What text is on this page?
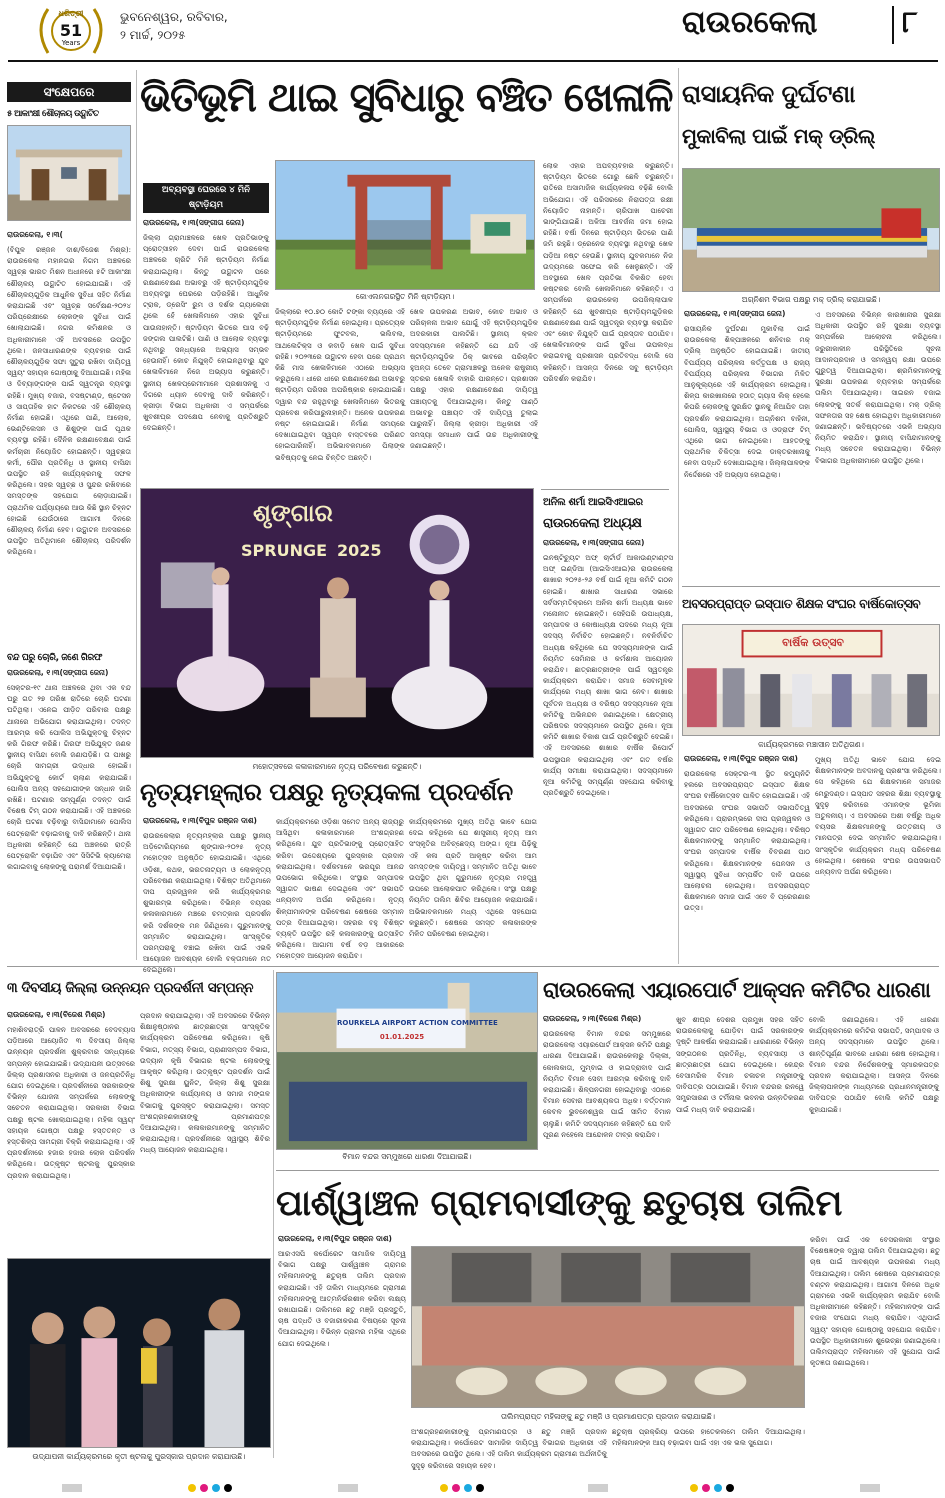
ଧରିତ୍ରୀ
51
Years
ଭୁବନେଶ୍ୱର, ରବିବାର,
୨ ମାର୍ଚ୍ଚ, ୨୦୨୫	ରାଉରକେଲା	୮
ସଂକ୍ଷେପରେ
୫ ଆକାଂକ୍ଷୀ ଶୌଚାଳୟ ଉଦ୍ଘାଟିତ
ରାଉରକେଲା, ୧।୩(
(ବିପୁଳ ରଞ୍ଜନ ଦାଶ/ବିଜେଶ ମିଶ୍ର): ରାଉରକେଲା ମହାନଗର ନିଗମ ଅଞ୍ଚଳରେ ସ୍ୱଚ୍ଛ ଭାରତ ମିଶନ ଅଧୀନରେ ୫ଟି ଆକାଂକ୍ଷୀ ଶୌଚାଳୟ ଉଦ୍ଘାଟିତ ହୋଇଯାଇଛି। ଏହି ଶୌଚାଳୟଗୁଡ଼ିକ ଆଧୁନିକ ସୁବିଧା ସହିତ ନିର୍ମାଣ କରାଯାଇଛି ଏବଂ ସ୍ୱଚ୍ଛ ସର୍ବେକ୍ଷଣ-୨୦୨୪ ପରିପ୍ରେକ୍ଷୀରେ ଲୋକଙ୍କ ସୁବିଧା ପାଇଁ ଖୋଲାଯାଇଛି। ନଗର କମିଶନର ଓ ଅଧିକାରୀମାନେ ଏହି ଅବସରରେ ଉପସ୍ଥିତ ଥିଲେ। ଜନସାଧାରଣଙ୍କ ବ୍ୟବହାର ପାଇଁ ଶୌଚାଳୟଗୁଡ଼ିକ ସଫା ସୁତୁରା ରଖିବା ଦାୟିତ୍ୱ ସ୍ୱୟଂ ସହାୟକ ଗୋଷ୍ଠୀକୁ ଦିଆଯାଇଛି। ମହିଳା ଓ ଦିବ୍ୟାଙ୍ଗଙ୍କ ପାଇଁ ସ୍ୱତନ୍ତ୍ର ବ୍ୟବସ୍ଥା ରହିଛି। ମୁଖ୍ୟ ବଜାର, ବସଷ୍ଟାଣ୍ଡ, ଷ୍ଟେସନ ଓ ସାପ୍ତାହିକ ହାଟ ନିକଟରେ ଏହି ଶୌଚାଳୟ ନିର୍ମାଣ ହୋଇଛି। ଏଥିରେ ପାଣି, ଆଲୋକ, ଭେଣ୍ଟିଲେସନ ଓ ଶିଶୁଙ୍କ ପାଇଁ ପୃଥକ ବ୍ୟବସ୍ଥା ରହିଛି। ଦୈନିକ ରକ୍ଷଣାବେକ୍ଷଣ ପାଇଁ କର୍ମଚାରୀ ନିୟୋଜିତ ହୋଇଛନ୍ତି। ସ୍ୱଚ୍ଛତା କର୍ମୀ, ପୌର ପ୍ରତିନିଧି ଓ ସ୍ଥାନୀୟ ବାସିନ୍ଦା ଉପସ୍ଥିତ ରହି କାର୍ଯ୍ୟକ୍ରମକୁ ସଫଳ କରିଥିଲେ। ସହର ସ୍ୱଚ୍ଛ ଓ ସୁନ୍ଦର ରଖିବାରେ ସମସ୍ତଙ୍କ ସହଯୋଗ ଲୋଡ଼ାଯାଇଛି। ପ୍ରାଥମିକ ପର୍ଯ୍ୟାୟରେ ଆଉ କିଛି ସ୍ଥାନ ଚିହ୍ନଟ ହୋଇଛି ଯେଉଁଠାରେ ଆଗାମୀ ଦିନରେ ଶୌଚାଳୟ ନିର୍ମାଣ ହେବ। ଉଦ୍ଘାଟନ ଅବସରରେ ଉପସ୍ଥିତ ଅତିଥିମାନେ ଶୌଚାଳୟ ପରିଦର୍ଶନ କରିଥିଲେ।
ବନ୍ଦ ଘରୁ ଚୋରି, ଜଣେ ଗିରଫ
ରାଉରକେଲା, ୧।୩(ସଙ୍ଗୀତା ଜେନା)
ସେକ୍ଟର-୧୯ ଥାନା ଅଞ୍ଚଳରେ ଥିବା ଏକ ବନ୍ଦ ଘରୁ ଗତ ୨୭ ତାରିଖ ରାତିରେ ଚୋରି ଘଟଣା ଘଟିଥିଲା। ଏନେଇ ପୀଡ଼ିତ ପରିବାର ପକ୍ଷରୁ ଥାନାରେ ଅଭିଯୋଗ କରାଯାଇଥିଲା। ତଦନ୍ତ ଆରମ୍ଭ କରି ପୋଲିସ ଅଭିଯୁକ୍ତକୁ ଚିହ୍ନଟ କରି ଗିରଫ କରିଛି। ଗିରଫ ଅଭିଯୁକ୍ତ ଜଣକ ସ୍ଥାନୀୟ ବାସିନ୍ଦା ବୋଲି ଜଣାପଡ଼ିଛି। ତା ପାଖରୁ ଚୋରି ସାମଗ୍ରୀ ଉଦ୍ଧାର ହୋଇଛି। ଅଭିଯୁକ୍ତକୁ କୋର୍ଟ ଚାଲାଣ କରାଯାଇଛି। ପୋଲିସ ଅନ୍ୟ ସହଯୋଗୀଙ୍କ ସନ୍ଧାନ ଜାରି ରଖିଛି। ଘଟଣାର ସମ୍ପୂର୍ଣ୍ଣ ତଦନ୍ତ ପାଇଁ ବିଶେଷ ଟିମ୍ ଗଠନ କରାଯାଇଛି। ଏହି ଅଞ୍ଚଳରେ ଚୋରି ଘଟଣା ବଢ଼ିବାରୁ ବାସିନ୍ଦାମାନେ ପୋଲିସ ପେଟ୍ରୋଲିଂ ବଢ଼ାଇବାକୁ ଦାବି କରିଛନ୍ତି। ଥାନା ଅଧିକାରୀ କହିଛନ୍ତି ଯେ ଅଞ୍ଚଳରେ ରାତ୍ରି ପେଟ୍ରୋଲିଂ ବଢ଼ାଯିବ ଏବଂ ସିସିଟିଭି କ୍ୟାମେରା ଲଗାଇବାକୁ ଲୋକଙ୍କୁ ପରାମର୍ଶ ଦିଆଯାଇଛି।
ଭିତିଭୂମି ଥାଇ ସୁବିଧାରୁ ବଞ୍ଚିତ ଖେଳାଳି
ଅବ୍ୟବସ୍ଥା ଘେରରେ ୪ ମିନି ଷ୍ଟାଡ଼ିୟମ
ରାଉରକେଲା, ୧।୩(ସଙ୍ଗୀତା ଜେନା)
ଜିଲ୍ଲା ଗ୍ରାମାଞ୍ଚଳରେ ଖେଳ ପ୍ରତିଭାଙ୍କୁ ପ୍ରୋତ୍ସାହନ ଦେବା ପାଇଁ ରାଉରକେଲା ଅଞ୍ଚଳରେ ଚାରିଟି ମିନି ଷ୍ଟାଡ଼ିୟମ ନିର୍ମାଣ କରାଯାଇଥିଲା। କିନ୍ତୁ ଉଦ୍ଘାଟନ ପରେ ରକ୍ଷଣାବେକ୍ଷଣ ଅଭାବରୁ ଏହି ଷ୍ଟାଡ଼ିୟମଗୁଡ଼ିକ ଅବ୍ୟବସ୍ଥା ଘେରରେ ପଡ଼ିରହିଛି। ଆଧୁନିକ ଟ୍ରାକ, ଡ୍ରେସିଂ ରୁମ ଓ ଦର୍ଶକ ଗ୍ୟାଲେରୀ ଥିଲେ ହେଁ ଖେଳାଳିମାନେ ଏହାର ସୁବିଧା ପାଉନାହାନ୍ତି। ଷ୍ଟାଡ଼ିୟମ ଭିତରେ ଘାସ ବଢ଼ି ଜଙ୍ଗଲ ପାଲଟିଛି। ପାଣି ଓ ଆଲୋକ ବ୍ୟବସ୍ଥା ନଥିବାରୁ ସନ୍ଧ୍ୟାରେ ଅଭ୍ୟାସ ସମ୍ଭବ ହେଉନାହିଁ। କୋଚ ନିଯୁକ୍ତି ହୋଇନଥିବାରୁ ଯୁବ ଖେଳାଳିମାନେ ନିଜେ ଅଭ୍ୟାସ କରୁଛନ୍ତି। ସ୍ଥାନୀୟ ଖେଳପ୍ରେମୀମାନେ ପ୍ରଶାସନକୁ ଏ ଦିଗରେ ଧ୍ୟାନ ଦେବାକୁ ଦାବି କରିଛନ୍ତି। କ୍ରୀଡ଼ା ବିଭାଗ ଅଧିକାରୀ ଏ ସମ୍ପର୍କରେ ଖୁବଶୀଘ୍ର ପଦକ୍ଷେପ ନେବାକୁ ପ୍ରତିଶ୍ରୁତି ଦେଇଛନ୍ତି।
କୋଏଲନଗରସ୍ଥିତ ମିନି ଷ୍ଟାଡ଼ିୟମ।
ଜିଲ୍ଲାରେ ୧୦.୭୦ କୋଟି ଟଙ୍କା ବ୍ୟୟରେ ଏହି ଷ୍ଟାଡ଼ିୟମଗୁଡ଼ିକ ନିର୍ମାଣ ହୋଇଥିଲା। ପ୍ରତ୍ୟେକ ଷ୍ଟାଡ଼ିୟମରେ ଫୁଟବଲ, ଭଲିବଲ, ଆଥଲେଟିକ୍ସ ଓ କବାଡ଼ି ଖେଳ ପାଇଁ ସୁବିଧା ରହିଛି। ୨୦୨୩ରେ ଉଦ୍ଘାଟନ ହେବା ପରେ ପ୍ରଥମ କିଛି ମାସ ଖେଳାଳିମାନେ ଏଠାରେ ଅଭ୍ୟାସ କରୁଥିଲେ। ଧୀରେ ଧୀରେ ରକ୍ଷଣାବେକ୍ଷଣ ଅଭାବରୁ ଷ୍ଟାଡ଼ିୟମ ପରିସର ଅପରିଷ୍କାର ହୋଇଯାଇଛି। ଦ୍ୱାର ବନ୍ଦ ରହୁଥିବାରୁ ଖେଳାଳିମାନେ ଭିତରକୁ ପ୍ରବେଶ କରିପାରୁନାହାନ୍ତି। ଅନେକ ଉପକରଣ ନଷ୍ଟ ହୋଇଯାଇଛି। ନିର୍ମାଣ ସମୟରେ ଦେଖାଯାଇଥିବା ସ୍ୱପ୍ନ ବାସ୍ତବରେ ପରିଣତ ହୋଇପାରିନାହିଁ। ଅଭିଭାବକମାନେ ପିଲାଙ୍କ ଭବିଷ୍ୟତକୁ ନେଇ ଚିନ୍ତିତ ଅଛନ୍ତି।
ଖେଳ ଉପକରଣ ଅଭାବ, କୋଚ ଅଭାବ ଓ ପରିଚାଳନା ଅଭାବ ଯୋଗୁଁ ଏହି ଷ୍ଟାଡ଼ିୟମଗୁଡ଼ିକ ଅଦରକାରୀ ପାଲଟିଛି। ସ୍ଥାନୀୟ କ୍ଲବ ସଦସ୍ୟମାନେ କହିଛନ୍ତି ଯେ ଯଦି ଏହି ଷ୍ଟାଡ଼ିୟମଗୁଡ଼ିକ ଠିକ୍ ଭାବରେ ପରିଚାଳିତ ହୁଅନ୍ତା ତେବେ ଗ୍ରାମାଞ୍ଚଳରୁ ଅନେକ ରାଷ୍ଟ୍ରୀୟ ସ୍ତରର ଖେଳାଳି ବାହାରି ପାରନ୍ତେ। ପ୍ରଶାସନ ପକ୍ଷରୁ ଏହାର ରକ୍ଷଣାବେକ୍ଷଣ ଦାୟିତ୍ୱ ପଞ୍ଚାୟତକୁ ଦିଆଯାଇଥିଲା। କିନ୍ତୁ ପାଣ୍ଠି ଅଭାବରୁ ପଞ୍ଚାୟତ ଏହି ଦାୟିତ୍ୱ ତୁଲାଇ ପାରୁନାହିଁ। ଜିଲ୍ଲା କ୍ରୀଡ଼ା ଅଧିକାରୀ ଏହି ସମସ୍ୟା ସମାଧାନ ପାଇଁ ଉଚ୍ଚ ଅଧିକାରୀଙ୍କୁ ଜଣାଇଛନ୍ତି।
ଲୋକ ଏହାର ଅପବ୍ୟବହାର କରୁଛନ୍ତି। ଷ୍ଟାଡ଼ିୟମ ଭିତରେ ଗୋରୁ ଛେଳି ଚରୁଛନ୍ତି। ରାତିରେ ଅସାମାଜିକ କାର୍ଯ୍ୟକଳାପ ବଢ଼ିଛି ବୋଲି ଅଭିଯୋଗ। ଏହି ପରିସରରେ ନିରାପତ୍ତା ରକ୍ଷୀ ନିୟୋଜିତ ନାହାନ୍ତି। ଚାରିପାଖ ପାଚେରୀ ଭାଙ୍ଗିଯାଇଛି। ଅଳିଆ ଆବର୍ଜନା ଜମା ହୋଇ ରହିଛି। ବର୍ଷା ଦିନରେ ଷ୍ଟାଡ଼ିୟମ ଭିତରେ ପାଣି ଜମି ରହୁଛି। ଡ୍ରେନେଜ ବ୍ୟବସ୍ଥା ନଥିବାରୁ ଖେଳ ପଡ଼ିଆ ନଷ୍ଟ ହେଉଛି। ସ୍ଥାନୀୟ ଯୁବକମାନେ ନିଜ ଉଦ୍ୟମରେ ସଫେଇ କରି ଖେଳୁଛନ୍ତି। ଏହି ଅବସ୍ଥାରେ ଖେଳ ପ୍ରତିଭା ବିକଶିତ ହେବା କଷ୍ଟକର ବୋଲି ଖେଳାଳିମାନେ କହିଛନ୍ତି। ଏ ସମ୍ପର୍କରେ ରାଉରକେଲା ଉପଜିଲ୍ଲାପାଳ କହିଛନ୍ତି ଯେ ଖୁବଶୀଘ୍ର ଷ୍ଟାଡ଼ିୟମଗୁଡ଼ିକର ରକ୍ଷଣାବେକ୍ଷଣ ପାଇଁ ସ୍ୱତନ୍ତ୍ର ବ୍ୟବସ୍ଥା କରାଯିବ ଏବଂ କୋଚ ନିଯୁକ୍ତି ପାଇଁ ପ୍ରସ୍ତାବ ପଠାଯିବ। ଖେଳାଳିମାନଙ୍କ ପାଇଁ ସୁବିଧା ଉପଲବ୍ଧ କରାଇବାକୁ ପ୍ରଶାସନ ପ୍ରତିବଦ୍ଧ ବୋଲି ସେ କହିଛନ୍ତି। ଆସନ୍ତା ଦିନରେ ସବୁ ଷ୍ଟାଡ଼ିୟମ ପରିଦର୍ଶନ କରାଯିବ।
ଶୃଙ୍ଗାର
SPRUNGE 2025
ମହୋତ୍ସବରେ କଳାକାରମାନେ ନୃତ୍ୟ ପରିବେଷଣ କରୁଛନ୍ତି।
ନୃତ୍ୟମହ୍ଲାର ପକ୍ଷରୁ ନୃତ୍ୟକଳା ପ୍ରଦର୍ଶନ
ରାଉରକେଲା, ୧।୩(ବିପୁଳ ରଞ୍ଜନ ଦାଶ)
ରାଉରକେଲାର ନୃତ୍ୟମହ୍ଲାର ପକ୍ଷରୁ ସ୍ଥାନୀୟ ଅଡ଼ିଟୋରିୟମରେ ଶୃଙ୍ଗାର-୨୦୨୫ ନୃତ୍ୟ ମହୋତ୍ସବ ଅନୁଷ୍ଠିତ ହୋଇଯାଇଛି। ଏଥିରେ ଓଡ଼ିଶୀ, କଥକ, ଭରତନାଟ୍ୟମ ଓ ଲୋକନୃତ୍ୟ ପରିବେଷଣ କରାଯାଇଥିଲା। ବିଶିଷ୍ଟ ଅତିଥିମାନେ ଦୀପ ପ୍ରଜ୍ୱଳନ କରି କାର୍ଯ୍ୟକ୍ରମର ଶୁଭାରମ୍ଭ କରିଥିଲେ। ବିଭିନ୍ନ ବୟସର କଳାକାରମାନେ ମଞ୍ଚରେ ଚମତ୍କାର ପ୍ରଦର୍ଶନ କରି ଦର୍ଶକଙ୍କ ମନ ଜିଣିଥିଲେ। ଗୁରୁମାନଙ୍କୁ ସମ୍ମାନିତ କରାଯାଇଥିଲା। ସାଂସ୍କୃତିକ ପରମ୍ପରାକୁ ବଞ୍ଚାଇ ରଖିବା ପାଇଁ ଏଭଳି ଆୟୋଜନ ଆବଶ୍ୟକ ବୋଲି ବକ୍ତାମାନେ ମତ ଦେଇଥିଲେ।
କାର୍ଯ୍ୟକ୍ରମରେ ଓଡ଼ିଶା ସମେତ ଅନ୍ୟ ରାଜ୍ୟରୁ ଆସିଥିବା କଳାକାରମାନେ ଅଂଶଗ୍ରହଣ କରିଥିଲେ। ଯୁବ ପ୍ରତିଭାଙ୍କୁ ପ୍ରୋତ୍ସାହିତ କରିବା ଉଦ୍ଦେଶ୍ୟରେ ପୁରସ୍କାର ପ୍ରଦାନ କରାଯାଇଥିଲା। ଦର୍ଶକମାନେ ଭରପୂର ଆନନ୍ଦ ଉପଭୋଗ କରିଥିଲେ। ସଂସ୍ଥାର ସମ୍ପାଦକ ସ୍ୱାଗତ ଭାଷଣ ଦେଇଥିଲେ ଏବଂ ସଭାପତି ଧନ୍ୟବାଦ ଅର୍ପଣ କରିଥିଲେ। ନୃତ୍ୟ ଶିଳ୍ପୀମାନଙ୍କ ପରିବେଷଣ ଶେଷରେ ସମ୍ମାନ ପତ୍ର ଦିଆଯାଇଥିଲା। ସହରର ବହୁ ବିଶିଷ୍ଟ ବ୍ୟକ୍ତି ଉପସ୍ଥିତ ରହି କଳାକାରଙ୍କୁ ଉତ୍ସାହିତ କରିଥିଲେ। ଆଗାମୀ ବର୍ଷ ବଡ଼ ଆକାରରେ ମହୋତ୍ସବ ଆୟୋଜନ କରାଯିବ।
କାର୍ଯ୍ୟକ୍ରମରେ ମୁଖ୍ୟ ଅତିଥି ଭାବେ ଯୋଗ ଦେଇ କହିଥିଲେ ଯେ ଶାସ୍ତ୍ରୀୟ ନୃତ୍ୟ ଆମ ସଂସ୍କୃତିର ଅବିଚ୍ଛେଦ୍ୟ ଅଙ୍ଗ। ନୂଆ ପିଢ଼ିକୁ ଏହି କଳା ପ୍ରତି ଆକୃଷ୍ଟ କରିବା ଆମ ସମସ୍ତଙ୍କ ଦାୟିତ୍ୱ। ସମ୍ମାନିତ ଅତିଥି ଭାବେ ଉପସ୍ଥିତ ଥିବା ଗୁରୁମାନେ ନୃତ୍ୟର ମହତ୍ତ୍ୱ ଉପରେ ଆଲୋକପାତ କରିଥିଲେ। ସଂସ୍ଥା ପକ୍ଷରୁ ନିୟମିତ ତାଲିମ ଶିବିର ଆୟୋଜନ କରାଯାଉଛି। ଅଭିଭାବକମାନେ ମଧ୍ୟ ଏଥିରେ ସହଯୋଗ କରୁଛନ୍ତି। ଶେଷରେ ସମସ୍ତ କଳାକାରଙ୍କ ମିଳିତ ପରିବେଷଣ ହୋଇଥିଲା।
ଅନିଲ ଶର୍ମା ଆଇସିଏଆଇର
ରାଉରକେଲା ଅଧ୍ୟକ୍ଷ
ରାଉରକେଲା, ୧।୩(ସଙ୍ଗୀତା ଜେନା)
ଇନଷ୍ଟିଚ୍ୟୁଟ ଅଫ୍ ଚାର୍ଟାର୍ଡ ଆକାଉଣ୍ଟାଣ୍ଟସ ଅଫ୍ ଇଣ୍ଡିଆ (ଆଇସିଏଆଇ)ର ରାଉରକେଲା ଶାଖାର ୨୦୨୫-୨୬ ବର୍ଷ ପାଇଁ ନୂଆ କମିଟି ଗଠନ ହୋଇଛି। ଶାଖାର ସାଧାରଣ ସଭାରେ ସର୍ବସମ୍ମତିକ୍ରମେ ଅନିଲ ଶର୍ମା ଅଧ୍ୟକ୍ଷ ଭାବେ ମନୋନୀତ ହୋଇଛନ୍ତି। ସେହିପରି ଉପାଧ୍ୟକ୍ଷ, ସମ୍ପାଦକ ଓ କୋଷାଧ୍ୟକ୍ଷ ପଦରେ ମଧ୍ୟ ନୂଆ ସଦସ୍ୟ ନିର୍ବାଚିତ ହୋଇଛନ୍ତି। ନବନିର୍ବାଚିତ ଅଧ୍ୟକ୍ଷ କହିଥିଲେ ଯେ ସଦସ୍ୟମାନଙ୍କ ପାଇଁ ନିୟମିତ ସେମିନାର ଓ କର୍ମଶାଳା ଆୟୋଜନ କରାଯିବ। ଛାତ୍ରଛାତ୍ରୀଙ୍କ ପାଇଁ ସ୍ୱତନ୍ତ୍ର କାର୍ଯ୍ୟକ୍ରମ କରାଯିବ। ସମାଜ ସେବାମୂଳକ କାର୍ଯ୍ୟରେ ମଧ୍ୟ ଶାଖା ଭାଗ ନେବ। ଶାଖାର ପୂର୍ବତନ ଅଧ୍ୟକ୍ଷ ଓ ବରିଷ୍ଠ ସଦସ୍ୟମାନେ ନୂଆ କମିଟିକୁ ଅଭିନନ୍ଦନ ଜଣାଇଥିଲେ। କ୍ଷେତ୍ରୀୟ ପରିଷଦର ସଦସ୍ୟମାନେ ଉପସ୍ଥିତ ଥିଲେ। ନୂଆ କମିଟି ଶାଖାର ବିକାଶ ପାଇଁ ପ୍ରତିଶ୍ରୁତି ଦେଇଛି। ଏହି ଅବସରରେ ଶାଖାର ବାର୍ଷିକ ରିପୋର୍ଟ ଉପସ୍ଥାପନ କରାଯାଇଥିଲା ଏବଂ ଗତ ବର୍ଷର କାର୍ଯ୍ୟ ସମୀକ୍ଷା କରାଯାଇଥିଲା। ସଦସ୍ୟମାନେ ନୂଆ କମିଟିକୁ ସମ୍ପୂର୍ଣ୍ଣ ସହଯୋଗ କରିବାକୁ ପ୍ରତିଶ୍ରୁତି ଦେଇଥିଲେ।
ରାସାୟନିକ ଦୁର୍ଘଟଣା
ମୁକାବିଲା ପାଇଁ ମକ୍ ଡ୍ରିଲ୍
ଅଗ୍ନିଶମ ବିଭାଗ ପକ୍ଷରୁ ମକ୍ ଡ୍ରିଲ୍ କରାଯାଇଛି।
ରାଉରକେଲା, ୧।୩(ସଙ୍ଗୀତା ଜେନା)
ରାସାୟନିକ ଦୁର୍ଘଟଣା ମୁକାବିଲା ପାଇଁ ରାଉରକେଲା ଶିଳ୍ପାଞ୍ଚଳରେ ଶନିବାର ମକ୍ ଡ୍ରିଲ୍ ଅନୁଷ୍ଠିତ ହୋଇଯାଇଛି। ଜାତୀୟ ବିପର୍ଯ୍ୟୟ ପରିଚାଳନା କର୍ତ୍ତୃପକ୍ଷ ଓ ରାଜ୍ୟ ବିପର୍ଯ୍ୟୟ ପରିଚାଳନା ବିଭାଗର ମିଳିତ ଆନୁକୂଲ୍ୟରେ ଏହି କାର୍ଯ୍ୟକ୍ରମ ହୋଇଥିଲା। ଶିଳ୍ପ କାରଖାନାରେ ହଠାତ୍ ଗ୍ୟାସ ଲିକ୍ ହେଲେ କିପରି ଲୋକଙ୍କୁ ସୁରକ୍ଷିତ ସ୍ଥାନକୁ ନିଆଯିବ ତାହା ପ୍ରଦର୍ଶନ କରାଯାଇଥିଲା। ଅଗ୍ନିଶମ ବାହିନୀ, ପୋଲିସ, ସ୍ୱାସ୍ଥ୍ୟ ବିଭାଗ ଓ ଓଡ୍ରାଫ ଟିମ୍ ଏଥିରେ ଭାଗ ନେଇଥିଲେ। ଆହତଙ୍କୁ ପ୍ରାଥମିକ ଚିକିତ୍ସା ଦେଇ ଡାକ୍ତରଖାନାକୁ ନେବା ପଦ୍ଧତି ଦେଖାଯାଇଥିଲା। ଜିଲ୍ଲାପାଳଙ୍କ ନିର୍ଦ୍ଦେଶରେ ଏହି ଅଭ୍ୟାସ ହୋଇଥିଲା।
ଏ ଅବସରରେ ବିଭିନ୍ନ କାରଖାନାର ସୁରକ୍ଷା ଅଧିକାରୀ ଉପସ୍ଥିତ ରହି ସୁରକ୍ଷା ବ୍ୟବସ୍ଥା ସମ୍ପର୍କରେ ଆଲୋଚନା କରିଥିଲେ। ଜରୁରୀକାଳୀନ ପରିସ୍ଥିତିରେ ସୂଚନା ଆଦାନପ୍ରଦାନ ଓ ସମନ୍ୱୟ ରକ୍ଷା ଉପରେ ଗୁରୁତ୍ୱ ଦିଆଯାଇଥିଲା। ଶ୍ରମିକମାନଙ୍କୁ ସୁରକ୍ଷା ଉପକରଣ ବ୍ୟବହାର ସମ୍ପର୍କରେ ତାଲିମ ଦିଆଯାଇଥିଲା। ସାଇରନ ବଜାଇ ଲୋକଙ୍କୁ ସତର୍କ କରାଯାଇଥିଲା। ମକ୍ ଡ୍ରିଲ୍ ସଫଳତାର ସହ ଶେଷ ହୋଇଥିବା ଅଧିକାରୀମାନେ ଜଣାଇଛନ୍ତି। ଭବିଷ୍ୟତରେ ଏଭଳି ଅଭ୍ୟାସ ନିୟମିତ କରାଯିବ। ସ୍ଥାନୀୟ ବାସିନ୍ଦାମାନଙ୍କୁ ମଧ୍ୟ ସଚେତନ କରାଯାଇଥିଲା। ବିଭିନ୍ନ ବିଭାଗର ଅଧିକାରୀମାନେ ଉପସ୍ଥିତ ଥିଲେ।
ଅବସରପ୍ରାପ୍ତ ଇସ୍ପାତ ଶିକ୍ଷକ ସଂଘର ବାର୍ଷିକୋତ୍ସବ
ବାର୍ଷିକ ଉତ୍ସବ
କାର୍ଯ୍ୟକ୍ରମରେ ମଞ୍ଚାସୀନ ଅତିଥିଗଣ।
ରାଉରକେଲା, ୧।୩(ବିପୁଳ ରଞ୍ଜନ ଦାଶ)
ରାଉରକେଲା ସେକ୍ଟର-୩ ସ୍ଥିତ କମ୍ୟୁନିଟି ହଲରେ ଅବସରପ୍ରାପ୍ତ ଇସ୍ପାତ ଶିକ୍ଷକ ସଂଘର ବାର୍ଷିକୋତ୍ସବ ପାଳିତ ହୋଇଯାଇଛି। ଏହି ଅବସରରେ ସଂଘର ସଭାପତି ସଭାପତିତ୍ୱ କରିଥିଲେ। ପ୍ରାରମ୍ଭରେ ଦୀପ ପ୍ରଜ୍ୱଳନ ଓ ସ୍ୱାଗତ ଗୀତ ପରିବେଷଣ ହୋଇଥିଲା। ବରିଷ୍ଠ ଶିକ୍ଷକମାନଙ୍କୁ ସମ୍ମାନିତ କରାଯାଇଥିଲା। ସଂଘର ସମ୍ପାଦକ ବାର୍ଷିକ ବିବରଣୀ ପାଠ କରିଥିଲେ। ଶିକ୍ଷକମାନଙ୍କ ପେନସନ ଓ ସ୍ୱାସ୍ଥ୍ୟ ସୁବିଧା ସମ୍ପର୍କିତ ଦାବି ଉପରେ ଆଲୋଚନା ହୋଇଥିଲା। ଅବସରପ୍ରାପ୍ତ ଶିକ୍ଷକମାନେ ସମାଜ ପାଇଁ ଏବେ ବି ପ୍ରେରଣାର ଉତ୍ସ।
ମୁଖ୍ୟ ଅତିଥି ଭାବେ ଯୋଗ ଦେଇ ଶିକ୍ଷକମାନଙ୍କ ଅବଦାନକୁ ପ୍ରଶଂସା କରିଥିଲେ। ସେ କହିଥିଲେ ଯେ ଶିକ୍ଷକମାନେ ସମାଜର ମେରୁଦଣ୍ଡ। ଇସ୍ପାତ ସହରର ଶିକ୍ଷା ବ୍ୟବସ୍ଥାକୁ ସୁଦୃଢ଼ କରିବାରେ ଏମାନଙ୍କ ଭୂମିକା ଅତୁଳନୀୟ। ଏ ଅବସରରେ ଅଶୀ ବର୍ଷରୁ ଅଧିକ ବୟସର ଶିକ୍ଷକମାନଙ୍କୁ ଉତ୍ତରୀୟ ଓ ମାନପତ୍ର ଦେଇ ସମ୍ମାନିତ କରାଯାଇଥିଲା। ସାଂସ୍କୃତିକ କାର୍ଯ୍ୟକ୍ରମ ମଧ୍ୟ ପରିବେଷଣ ହୋଇଥିଲା। ଶେଷରେ ସଂଘର ଉପସଭାପତି ଧନ୍ୟବାଦ ଅର୍ପଣ କରିଥିଲେ।
୩ ଦିବସୀୟ ଜିଲ୍ଲା ଉନ୍ନୟନ ପ୍ରଦର୍ଶନୀ ସମ୍ପନ୍ନ
ରାଉରକେଲା, ୧।୩(ବିଜେଶ ମିଶ୍ର)
ମହାଶିବରାତ୍ରି ପାଳନ ଅବସରରେ ବେଦବ୍ୟାସ ପଡ଼ିଆରେ ଆୟୋଜିତ ୩ ଦିବସୀୟ ଜିଲ୍ଲା ଉନ୍ନୟନ ପ୍ରଦର୍ଶନୀ ଶୁକ୍ରବାର ସନ୍ଧ୍ୟାରେ ସମ୍ପନ୍ନ ହୋଇଯାଇଛି। ଉଦ୍ଯାପନୀ ଉତ୍ସବରେ ଜିଲ୍ଲା ପ୍ରଶାସନର ଅଧିକାରୀ ଓ ଜନପ୍ରତିନିଧି ଯୋଗ ଦେଇଥିଲେ। ପ୍ରଦର୍ଶନୀରେ ସରକାରଙ୍କ ବିଭିନ୍ନ ଯୋଜନା ସମ୍ପର୍କରେ ଲୋକଙ୍କୁ ସଚେତନ କରାଯାଇଥିଲା। ସରକାରୀ ବିଭାଗ ପକ୍ଷରୁ ଷ୍ଟଲ ଖୋଲାଯାଇଥିଲା। ମହିଳା ସ୍ୱୟଂ ସହାୟକ ଗୋଷ୍ଠୀ ପକ୍ଷରୁ ହସ୍ତତନ୍ତ ଓ ହସ୍ତଶିଳ୍ପ ସାମଗ୍ରୀ ବିକ୍ରି କରାଯାଇଥିଲା। ଏହି ପ୍ରଦର୍ଶନୀରେ ହଜାର ହଜାର ଲୋକ ପରିଦର୍ଶନ କରିଥିଲେ। ଉତ୍କୃଷ୍ଟ ଷ୍ଟଲକୁ ପୁରସ୍କାର ପ୍ରଦାନ କରାଯାଇଥିଲା।
ପ୍ରଦାନ କରାଯାଇଥିଲା। ଏହି ଅବସରରେ ବିଭିନ୍ନ ଶିକ୍ଷାନୁଷ୍ଠାନର ଛାତ୍ରଛାତ୍ରୀ ସାଂସ୍କୃତିକ କାର୍ଯ୍ୟକ୍ରମ ପରିବେଷଣ କରିଥିଲେ। କୃଷି ବିଭାଗ, ମତ୍ସ୍ୟ ବିଭାଗ, ପ୍ରାଣୀସମ୍ପଦ ବିଭାଗ, ଉଦ୍ୟାନ କୃଷି ବିଭାଗର ଷ୍ଟଲ ଲୋକଙ୍କୁ ଆକୃଷ୍ଟ କରିଥିଲା। ଉତ୍କୃଷ୍ଟ ପ୍ରଦର୍ଶନ ପାଇଁ ଶିଶୁ ସୁରକ୍ଷା ୟୁନିଟ, ଜିଲ୍ଲା ଶିଶୁ ସୁରକ୍ଷା ଅଧିକାରୀଙ୍କ କାର୍ଯ୍ୟାଳୟ ଓ ସମାଜ ମଙ୍ଗଳ ବିଭାଗକୁ ପୁରସ୍କୃତ କରାଯାଇଥିଲା। ସମସ୍ତ ଅଂଶଗ୍ରହଣକାରୀଙ୍କୁ ପ୍ରମାଣପତ୍ର ଦିଆଯାଇଥିଲା। କଳାକାରମାନଙ୍କୁ ସମ୍ମାନିତ କରାଯାଇଥିଲା। ପ୍ରଦର୍ଶନୀରେ ସ୍ୱାସ୍ଥ୍ୟ ଶିବିର ମଧ୍ୟ ଆୟୋଜନ କରାଯାଇଥିଲା।
ଉଦ୍ଯାପନୀ କାର୍ଯ୍ୟକ୍ରମରେ କୃତୀ ଷ୍ଟଲକୁ ପୁରସ୍କାର ପ୍ରଦାନ କରାଯାଉଛି।
ROURKELA AIRPORT ACTION COMMITTEE
01.01.2025
ବିମାନ ବନ୍ଦର ସମ୍ମୁଖରେ ଧାରଣା ଦିଆଯାଇଛି।
ରାଉରକେଲା ଏୟାରପୋର୍ଟ ଆକ୍ସନ କମିଟିର ଧାରଣା
ରାଉରକେଲା, ୨।୩(ବିଜେଶ ମିଶ୍ର)
ରାଉରକେଲା ବିମାନ ବନ୍ଦର ସମ୍ମୁଖରେ ରାଉରକେଲା ଏୟାରପୋର୍ଟ ଆକ୍ସନ କମିଟି ପକ୍ଷରୁ ଧାରଣା ଦିଆଯାଇଛି। ରାଉରକେଲାରୁ ଦିଲ୍ଲୀ, କୋଲକାତା, ମୁମ୍ବାଇ ଓ ହାଇଦ୍ରାବାଦ ପାଇଁ ନିୟମିତ ବିମାନ ସେବା ଆରମ୍ଭ କରିବାକୁ ଦାବି କରାଯାଇଛି। ଶିଳ୍ପନଗରୀ ହୋଇଥିବାରୁ ଏଠାରେ ବିମାନ ସେବାର ଆବଶ୍ୟକତା ଅଧିକ। ବର୍ତ୍ତମାନ କେବଳ ଭୁବନେଶ୍ୱର ପାଇଁ ସୀମିତ ବିମାନ ଚାଲୁଛି। କମିଟି ସଦସ୍ୟମାନେ କହିଛନ୍ତି ଯେ ଦାବି ପୂରଣ ନହେଲେ ଆନ୍ଦୋଳନ ତୀବ୍ର କରାଯିବ।
ଖୁବ ଶୀଘ୍ର ଦେଶର ପ୍ରମୁଖ ସହର ସହିତ ରାଉରକେଲାକୁ ଯୋଡ଼ିବା ପାଇଁ ସରକାରଙ୍କ ଦୃଷ୍ଟି ଆକର୍ଷଣ କରାଯାଇଛି। ଧାରଣାରେ ବିଭିନ୍ନ ସଙ୍ଗଠନର ପ୍ରତିନିଧି, ବ୍ୟବସାୟୀ ଓ ଛାତ୍ରଛାତ୍ରୀ ଯୋଗ ଦେଇଥିଲେ। କେନ୍ଦ୍ର ବେସାମରିକ ବିମାନ ଚଳାଚଳ ମନ୍ତ୍ରୀଙ୍କୁ ଦାବିପତ୍ର ପଠାଯାଇଛି। ବିମାନ ବନ୍ଦରର ରନୱେ ସମ୍ପ୍ରସାରଣ ଓ ଟର୍ମିନାଲ ଭବନର ଉନ୍ନତିକରଣ ପାଇଁ ମଧ୍ୟ ଦାବି କରାଯାଇଛି।
ବୋଲି ଜଣାଇଥିଲେ। ଏହି ଧାରଣା କାର୍ଯ୍ୟକ୍ରମରେ କମିଟିର ସଭାପତି, ସମ୍ପାଦକ ଓ ଅନ୍ୟ ସଦସ୍ୟମାନେ ଉପସ୍ଥିତ ଥିଲେ। ଶାନ୍ତିପୂର୍ଣ୍ଣ ଭାବରେ ଧାରଣା ଶେଷ ହୋଇଥିଲା। ବିମାନ ବନ୍ଦର ନିର୍ଦ୍ଦେଶକଙ୍କୁ ସ୍ମାରକପତ୍ର ପ୍ରଦାନ କରାଯାଇଥିଲା। ଆସନ୍ତା ଦିନରେ ଜିଲ୍ଲାପାଳଙ୍କ ମାଧ୍ୟମରେ ପ୍ରଧାନମନ୍ତ୍ରୀଙ୍କୁ ଦାବିପତ୍ର ପଠାଯିବ ବୋଲି କମିଟି ପକ୍ଷରୁ କୁହାଯାଇଛି।
ପାର୍ଶ୍ୱାଞ୍ଚଳ ଗ୍ରାମବାସୀଙ୍କୁ ଛତୁଚାଷ ତାଲିମ
ରାଉରକେଲା, ୧।୩(ବିପୁଳ ରଞ୍ଜନ ଦାଶ)
ଆରଏସପି କର୍ପୋରେଟ ସାମାଜିକ ଦାୟିତ୍ୱ ବିଭାଗ ପକ୍ଷରୁ ପାର୍ଶ୍ୱାଞ୍ଚଳ ଗ୍ରାମର ମହିଳାମାନଙ୍କୁ ଛତୁଚାଷ ତାଲିମ ପ୍ରଦାନ କରାଯାଇଛି। ଏହି ତାଲିମ ମାଧ୍ୟମରେ ଗ୍ରାମୀଣ ମହିଳାମାନଙ୍କୁ ଆତ୍ମନିର୍ଭରଶୀଳ କରିବା ଲକ୍ଷ୍ୟ ରଖାଯାଇଛି। ତାଲିମରେ ଛତୁ ମଞ୍ଜି ପ୍ରସ୍ତୁତି, ଚାଷ ପଦ୍ଧତି ଓ ବଜାରୀକରଣ ବିଷୟରେ ସୂଚନା ଦିଆଯାଇଥିଲା। ବିଭିନ୍ନ ଗ୍ରାମର ମହିଳା ଏଥିରେ ଯୋଗ ଦେଇଥିଲେ।
ତାଲିମପ୍ରାପ୍ତ ମହିଳାଙ୍କୁ ଛତୁ ମଞ୍ଜି ଓ ପ୍ରମାଣପତ୍ର ପ୍ରଦାନ କରାଯାଇଛି।
ଅଂଶଗ୍ରହଣକାରୀଙ୍କୁ ପ୍ରମାଣପତ୍ର ଓ ଛତୁ ମଞ୍ଜି ପ୍ରଦାନ କରାଯାଇଥିଲା। କର୍ପୋରେଟ ସାମାଜିକ ଦାୟିତ୍ୱ ବିଭାଗର ଅଧିକାରୀ ଏହି ଅବସରରେ ଉପସ୍ଥିତ ଥିଲେ। ଏହି ତାଲିମ କାର୍ଯ୍ୟକ୍ରମ ଗ୍ରାମୀଣ ଅର୍ଥନୀତିକୁ ସୁଦୃଢ଼ କରିବାରେ ସହାୟକ ହେବ।
ଛତୁଚାଷ ପ୍ରକ୍ରିୟା ଉପରେ ହାତେକଲମେ ତାଲିମ ଦିଆଯାଇଥିଲା। ମହିଳାମାନଙ୍କ ଆୟ ବଢ଼ାଇବା ପାଇଁ ଏହା ଏକ ଭଲ ସୁଯୋଗ।
କରିବା ପାଇଁ ଏକ ବେସରକାରୀ ସଂସ୍ଥାର ବିଶେଷଜ୍ଞଙ୍କ ଦ୍ୱାରା ତାଲିମ ଦିଆଯାଇଥିଲା। ଛତୁ ଚାଷ ପାଇଁ ଆବଶ୍ୟକ ଉପକରଣ ମଧ୍ୟ ଦିଆଯାଇଥିଲା। ତାଲିମ ଶେଷରେ ପ୍ରମାଣପତ୍ର ବଣ୍ଟନ କରାଯାଇଥିଲା। ଆଗାମୀ ଦିନରେ ଅଧିକ ଗ୍ରାମରେ ଏଭଳି କାର୍ଯ୍ୟକ୍ରମ କରାଯିବ ବୋଲି ଅଧିକାରୀମାନେ କହିଛନ୍ତି। ମହିଳାମାନଙ୍କ ପାଇଁ ବଜାର ସଂଯୋଗ ମଧ୍ୟ କରାଯିବ। ଏଥିପାଇଁ ସ୍ୱୟଂ ସହାୟକ ଗୋଷ୍ଠୀକୁ ସହଯୋଗ କରାଯିବ। ଉପସ୍ଥିତ ଅଧିକାରୀମାନେ ଶୁଭେଚ୍ଛା ଜଣାଇଥିଲେ। ତାଲିମପ୍ରାପ୍ତ ମହିଳାମାନେ ଏହି ସୁଯୋଗ ପାଇଁ କୃତଜ୍ଞତା ଜଣାଇଥିଲେ।
